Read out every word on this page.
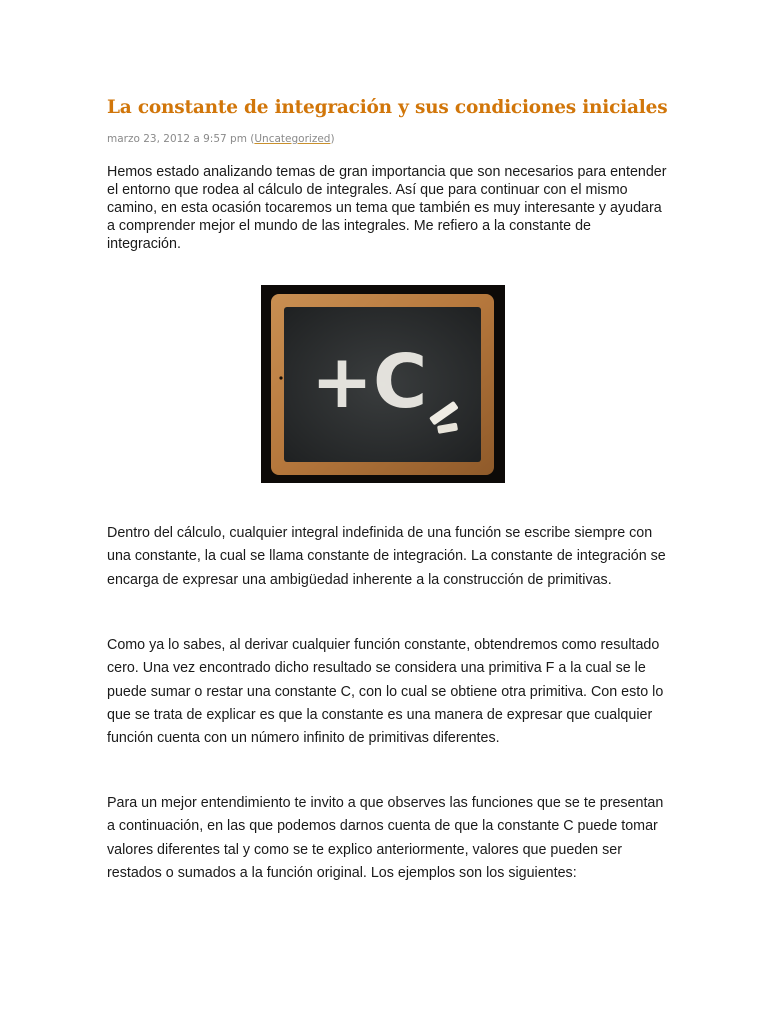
La constante de integración y sus condiciones iniciales
marzo 23, 2012 a 9:57 pm (Uncategorized)

Hemos estado analizando temas de gran importancia que son necesarios para entender el entorno que rodea al cálculo de integrales. Así que para continuar con el mismo camino, en esta ocasión tocaremos un tema que también es muy interesante y ayudara a comprender mejor el mundo de las integrales. Me refiero a la constante de integración.

+C

Dentro del cálculo, cualquier integral indefinida de una función se escribe siempre con una constante, la cual se llama constante de integración. La constante de integración se encarga de expresar una ambigüedad inherente a la construcción de primitivas.

Como ya lo sabes, al derivar cualquier función constante, obtendremos como resultado cero. Una vez encontrado dicho resultado se considera una primitiva F a la cual se le puede sumar o restar una constante C, con lo cual se obtiene otra primitiva. Con esto lo que se trata de explicar es que la constante es una manera de expresar que cualquier función cuenta con un número infinito de primitivas diferentes.

Para un mejor entendimiento te invito a que observes las funciones que se te presentan a continuación, en las que podemos darnos cuenta de que la constante C puede tomar valores diferentes tal y como se te explico anteriormente, valores que pueden ser restados o sumados a la función original. Los ejemplos son los siguientes:
